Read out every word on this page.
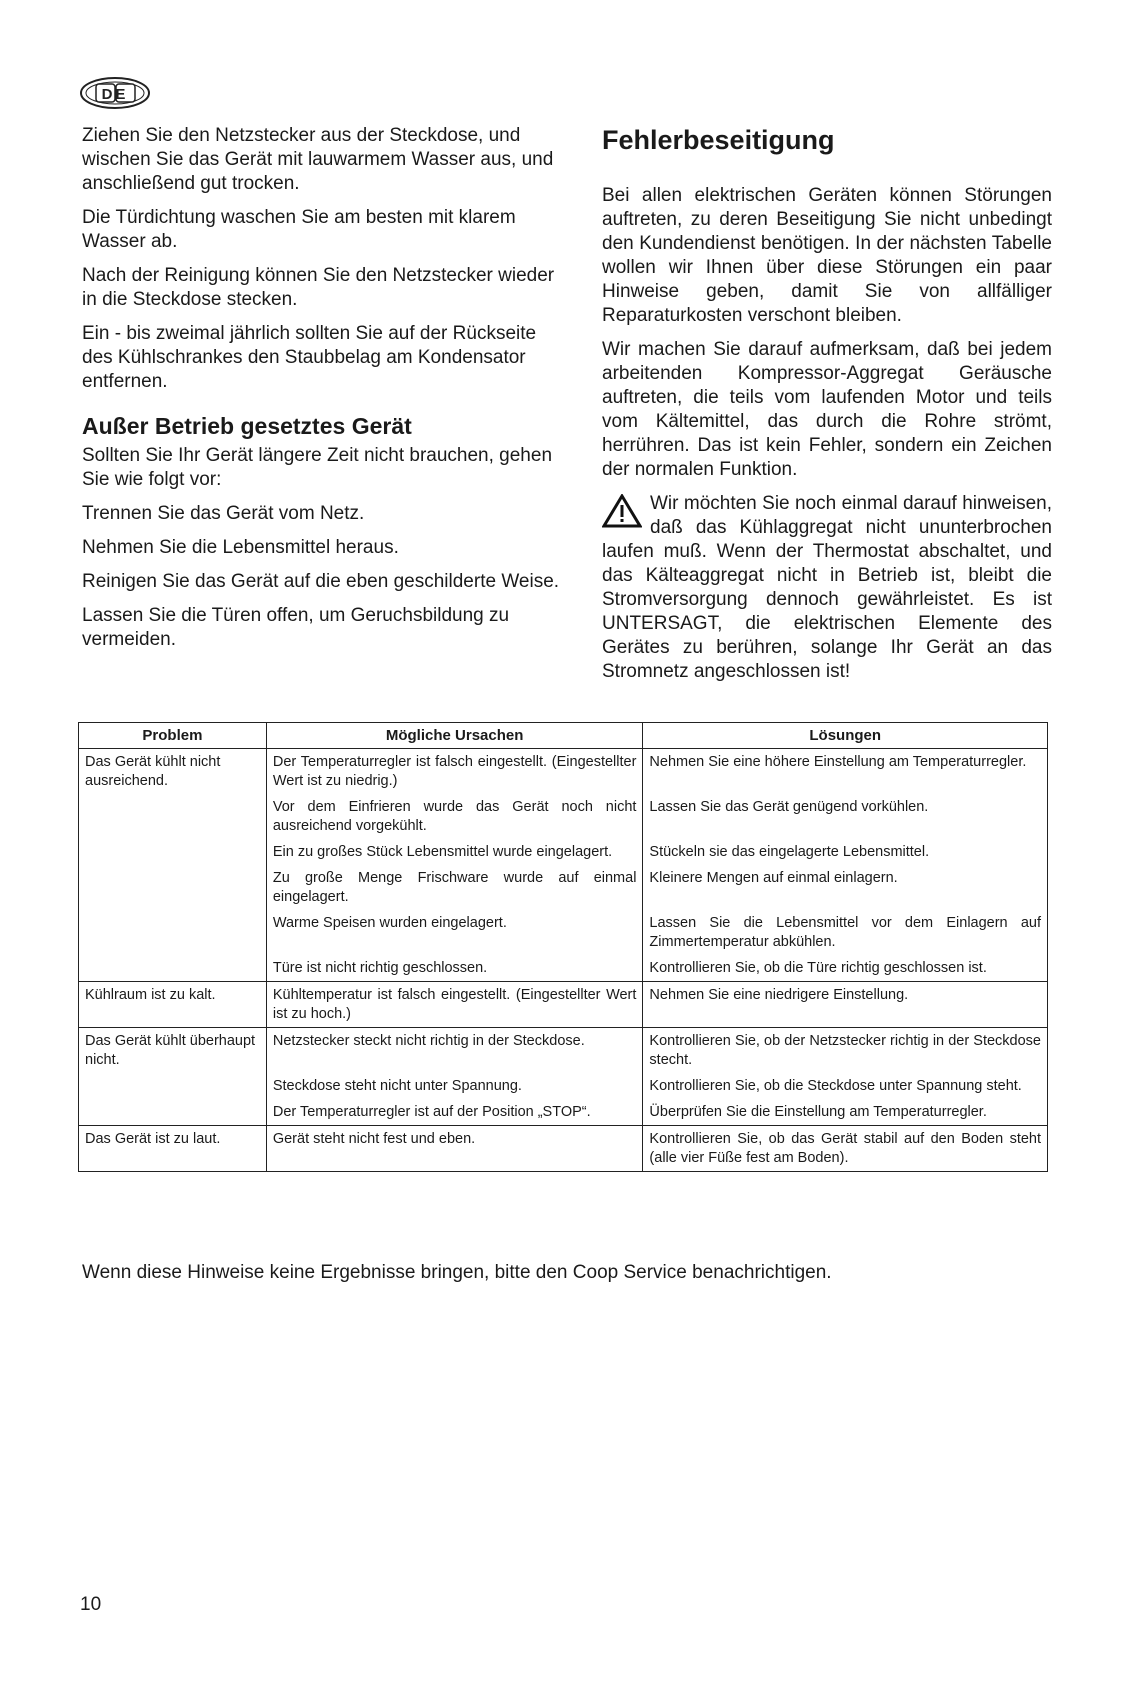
DE

Ziehen Sie den Netzstecker aus der Steckdose, und wischen Sie das Gerät mit lauwarmem Wasser aus, und anschließend gut trocken.

Die Türdichtung waschen Sie am besten mit klarem Wasser ab.

Nach der Reinigung können Sie den Netzstecker wieder in die Steckdose stecken.

Ein - bis zweimal jährlich sollten Sie auf der Rückseite des Kühlschrankes den Staubbelag am Kondensator entfernen.

Außer Betrieb gesetztes Gerät

Sollten Sie Ihr Gerät längere Zeit nicht brauchen, gehen Sie wie folgt vor:

Trennen Sie das Gerät vom Netz.

Nehmen Sie die Lebensmittel heraus.

Reinigen Sie das Gerät auf die eben geschilderte Weise.

Lassen Sie die Türen offen, um Geruchsbildung zu vermeiden.

Fehlerbeseitigung

Bei allen elektrischen Geräten können Störungen auftreten, zu deren Beseitigung Sie nicht unbedingt den Kundendienst benötigen. In der nächsten Tabelle wollen wir Ihnen über diese Störungen ein paar Hinweise geben, damit Sie von allfälliger Reparaturkosten verschont bleiben.

Wir machen Sie darauf aufmerksam, daß bei jedem arbeitenden Kompressor-Aggregat Geräusche auftreten, die teils vom laufenden Motor und teils vom Kältemittel, das durch die Rohre strömt, herrühren. Das ist kein Fehler, sondern ein Zeichen der normalen Funktion.

Wir möchten Sie noch einmal darauf hinweisen, daß das Kühlaggregat nicht ununterbrochen laufen muß. Wenn der Thermostat abschaltet, und das Kälteaggregat nicht in Betrieb ist, bleibt die Stromversorgung dennoch gewährleistet. Es ist UNTERSAGT, die elektrischen Elemente des Gerätes zu berühren, solange Ihr Gerät an das Stromnetz angeschlossen ist!

Problem	Mögliche Ursachen	Lösungen
Das Gerät kühlt nicht ausreichend.	Der Temperaturregler ist falsch eingestellt. (Eingestellter Wert ist zu niedrig.)	Nehmen Sie eine höhere Einstellung am Temperaturregler.
	Vor dem Einfrieren wurde das Gerät noch nicht ausreichend vorgekühlt.	Lassen Sie das Gerät genügend vorkühlen.
	Ein zu großes Stück Lebensmittel wurde eingelagert.	Stückeln sie das eingelagerte Lebensmittel.
	Zu große Menge Frischware wurde auf einmal eingelagert.	Kleinere Mengen auf einmal einlagern.
	Warme Speisen wurden eingelagert.	Lassen Sie die Lebensmittel vor dem Einlagern auf Zimmertemperatur abkühlen.
	Türe ist nicht richtig geschlossen.	Kontrollieren Sie, ob die Türe richtig geschlossen ist.
Kühlraum ist zu kalt.	Kühltemperatur ist falsch eingestellt. (Eingestellter Wert ist zu hoch.)	Nehmen Sie eine niedrigere Einstellung.
Das Gerät kühlt überhaupt nicht.	Netzstecker steckt nicht richtig in der Steckdose.	Kontrollieren Sie, ob der Netzstecker richtig in der Steckdose stecht.
	Steckdose steht nicht unter Spannung.	Kontrollieren Sie, ob die Steckdose unter Spannung steht.
	Der Temperaturregler ist auf der Position „STOP“.	Überprüfen Sie die Einstellung am Temperaturregler.
Das Gerät ist zu laut.	Gerät steht nicht fest und eben.	Kontrollieren Sie, ob das Gerät stabil auf den Boden steht (alle vier Füße fest am Boden).
Wenn diese Hinweise keine Ergebnisse bringen, bitte den Coop Service benachrichtigen.
10
